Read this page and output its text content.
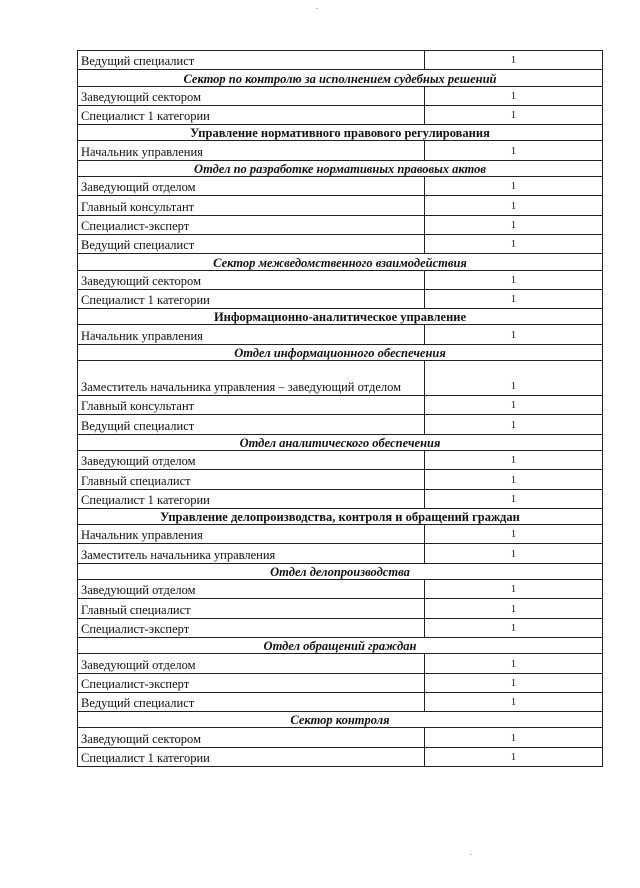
Ведущий специалист	1
Сектор по контролю за исполнением судебных решений	
Заведующий сектором	1
Специалист 1 категории	1
Управление нормативного правового регулирования	
Начальник управления	1
Отдел по разработке нормативных правовых актов	
Заведующий отделом	1
Главный консультант	1
Специалист-эксперт	1
Ведущий специалист	1
Сектор межведомственного взаимодействия	
Заведующий сектором	1
Специалист 1 категории	1
Информационно-аналитическое управление	
Начальник управления	1
Отдел информационного обеспечения	
Заместитель начальника управления – заведующий отделом	1
Главный консультант	1
Ведущий специалист	1
Отдел аналитического обеспечения	
Заведующий отделом	1
Главный специалист	1
Специалист 1 категории	1
Управление делопроизводства, контроля и обращений граждан	
Начальник управления	1
Заместитель начальника управления	1
Отдел делопроизводства	
Заведующий отделом	1
Главный специалист	1
Специалист-эксперт	1
Отдел обращений граждан	
Заведующий отделом	1
Специалист-эксперт	1
Ведущий специалист	1
Сектор контроля	
Заведующий сектором	1
Специалист 1 категории	1
